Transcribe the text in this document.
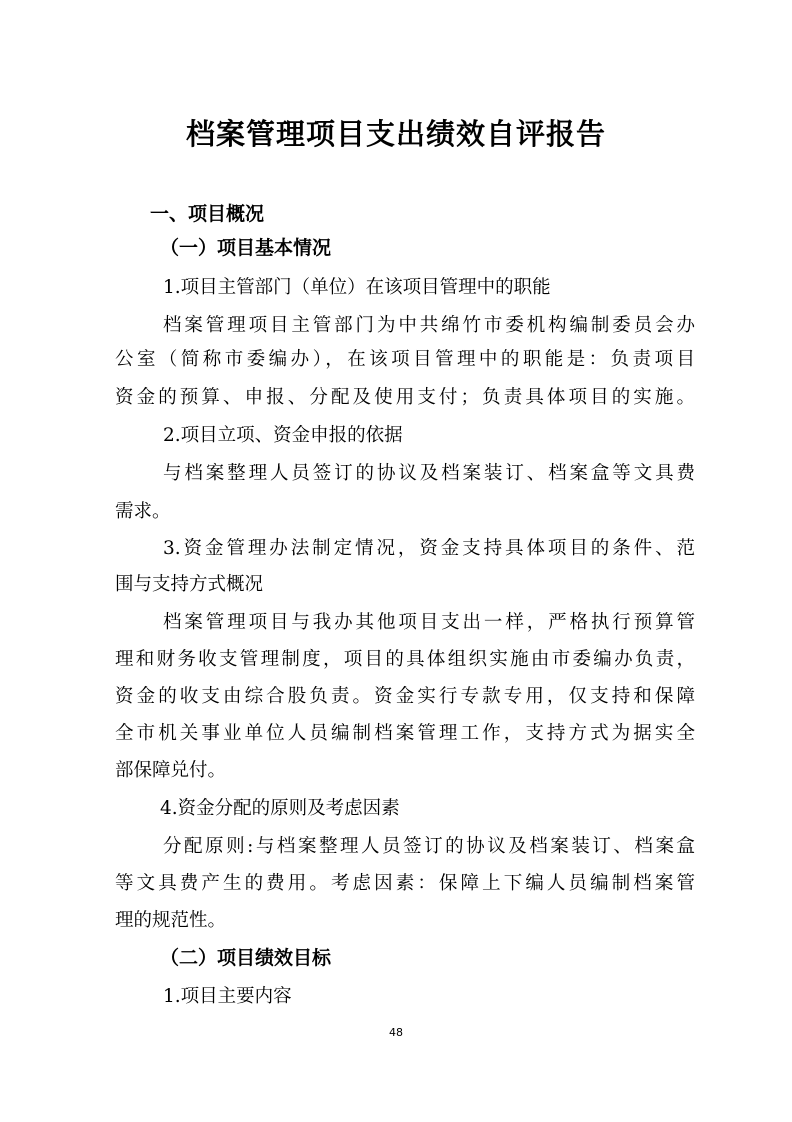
档案管理项目支出绩效自评报告
一、项目概况
（一）项目基本情况
1.项目主管部门（单位）在该项目管理中的职能
档案管理项目主管部门为中共绵竹市委机构编制委员会办
公室（简称市委编办），在该项目管理中的职能是：负责项目
资金的预算、申报、分配及使用支付；负责具体项目的实施。
2.项目立项、资金申报的依据
与档案整理人员签订的协议及档案装订、档案盒等文具费
需求。
3.资金管理办法制定情况，资金支持具体项目的条件、范
围与支持方式概况
档案管理项目与我办其他项目支出一样，严格执行预算管
理和财务收支管理制度，项目的具体组织实施由市委编办负责，
资金的收支由综合股负责。资金实行专款专用，仅支持和保障
全市机关事业单位人员编制档案管理工作，支持方式为据实全
部保障兑付。
4.资金分配的原则及考虑因素
分配原则:与档案整理人员签订的协议及档案装订、档案盒
等文具费产生的费用。考虑因素：保障上下编人员编制档案管
理的规范性。
（二）项目绩效目标
1.项目主要内容
48
